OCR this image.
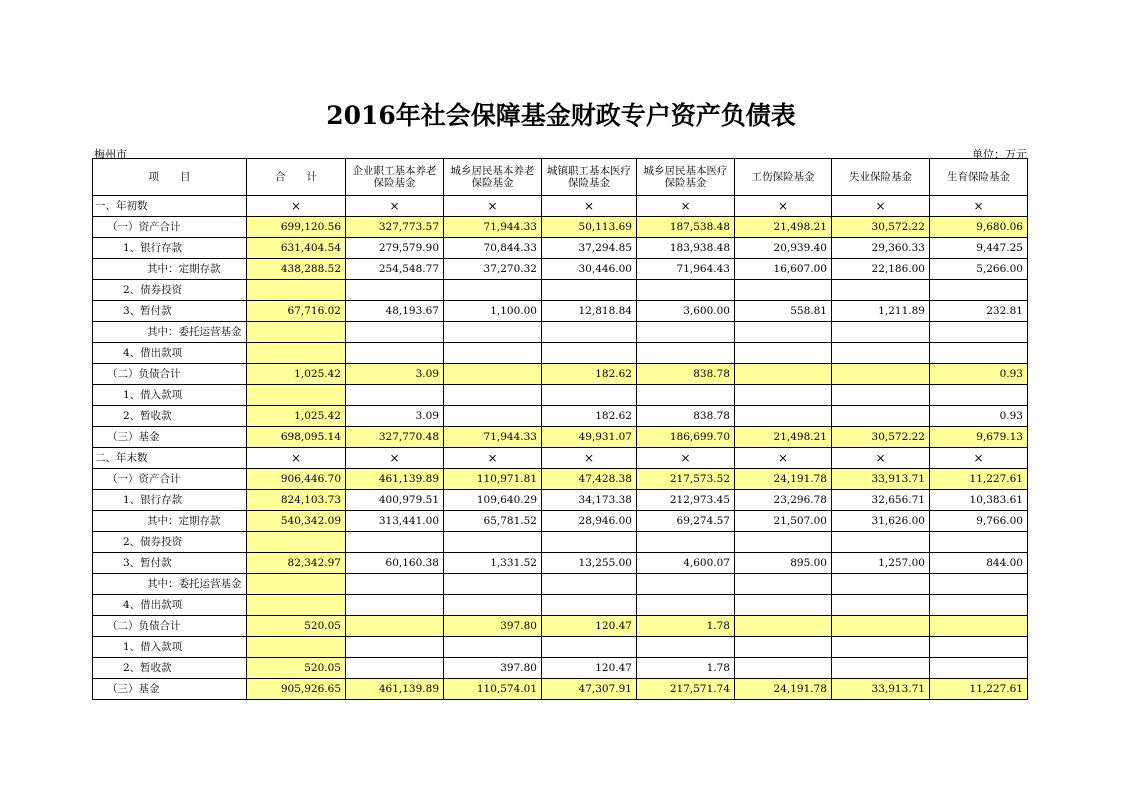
2016年社会保障基金财政专户资产负债表
梅州市	单位：万元
项　　目	合　　计	企业职工基本养老保险基金	城乡居民基本养老保险基金	城镇职工基本医疗保险基金	城乡居民基本医疗保险基金	工伤保险基金	失业保险基金	生育保险基金
一、年初数	×	×	×	×	×	×	×	×
（一）资产合计	699,120.56	327,773.57	71,944.33	50,113.69	187,538.48	21,498.21	30,572.22	9,680.06
1、银行存款	631,404.54	279,579.90	70,844.33	37,294.85	183,938.48	20,939.40	29,360.33	9,447.25
其中：定期存款	438,288.52	254,548.77	37,270.32	30,446.00	71,964.43	16,607.00	22,186.00	5,266.00
2、债券投资								
3、暂付款	67,716.02	48,193.67	1,100.00	12,818.84	3,600.00	558.81	1,211.89	232.81
其中：委托运营基金								
4、借出款项								
（二）负债合计	1,025.42	3.09		182.62	838.78			0.93
1、借入款项								
2、暂收款	1,025.42	3.09		182.62	838.78			0.93
（三）基金	698,095.14	327,770.48	71,944.33	49,931.07	186,699.70	21,498.21	30,572.22	9,679.13
二、年末数	×	×	×	×	×	×	×	×
（一）资产合计	906,446.70	461,139.89	110,971.81	47,428.38	217,573.52	24,191.78	33,913.71	11,227.61
1、银行存款	824,103.73	400,979.51	109,640.29	34,173.38	212,973.45	23,296.78	32,656.71	10,383.61
其中：定期存款	540,342.09	313,441.00	65,781.52	28,946.00	69,274.57	21,507.00	31,626.00	9,766.00
2、债券投资								
3、暂付款	82,342.97	60,160.38	1,331.52	13,255.00	4,600.07	895.00	1,257.00	844.00
其中：委托运营基金								
4、借出款项								
（二）负债合计	520.05		397.80	120.47	1.78			
1、借入款项								
2、暂收款	520.05		397.80	120.47	1.78			
（三）基金	905,926.65	461,139.89	110,574.01	47,307.91	217,571.74	24,191.78	33,913.71	11,227.61
